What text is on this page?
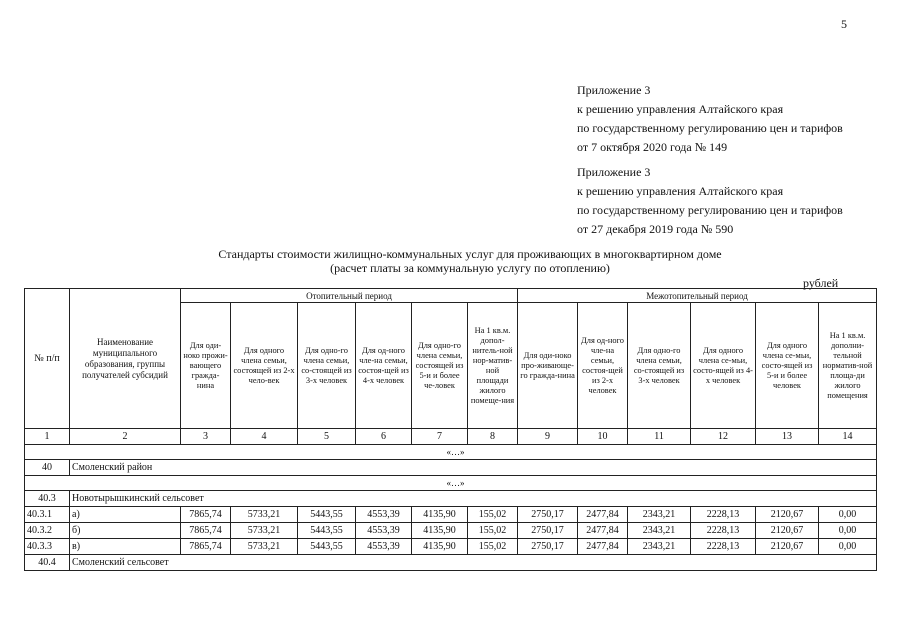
5
Приложение 3
к решению управления Алтайского края
по государственному регулированию цен и тарифов
от 7 октября 2020 года № 149
Приложение 3
к решению управления Алтайского края
по государственному регулированию цен и тарифов
от 27 декабря 2019 года № 590
Стандарты стоимости жилищно-коммунальных услуг для проживающих в многоквартирном доме
(расчет платы за коммунальную услугу по отоплению)
рублей
№ п/п	Наименование муниципального образования, группы получателей субсидий	Отопительный период						Межотопительный период					
		Для оди-ноко прожи-вающего гражда-нина	Для одного члена семьи, состоящей из 2-х чело-век	Для одно-го члена семьи, со-стоящей из 3-х человек	Для од-ного чле-на семьи, состоя-щей из 4-х человек	Для одно-го члена семьи, состоящей из 5-и и более че-ловек	На 1 кв.м. допол-нитель-ной нор-матив-ной площади жилого помеще-ния	Для оди-ноко про-живающе-го гражда-нина	Для од-ного чле-на семьи, состоя-щей из 2-х человек	Для одно-го члена семьи, со-стоящей из 3-х человек	Для одного члена се-мьи, состо-ящей из 4-х человек	Для одного члена се-мьи, состо-ящей из 5-и и более человек	На 1 кв.м. дополни-тельной норматив-ной площа-ди жилого помещения
1	2	3	4	5	6	7	8	9	10	11	12	13	14
«…»													
40	Смоленский район												
«…»													
40.3	Новотырышкинский сельсовет												
40.3.1	а)	7865,74	5733,21	5443,55	4553,39	4135,90	155,02	2750,17	2477,84	2343,21	2228,13	2120,67	0,00
40.3.2	б)	7865,74	5733,21	5443,55	4553,39	4135,90	155,02	2750,17	2477,84	2343,21	2228,13	2120,67	0,00
40.3.3	в)	7865,74	5733,21	5443,55	4553,39	4135,90	155,02	2750,17	2477,84	2343,21	2228,13	2120,67	0,00
40.4	Смоленский сельсовет												
